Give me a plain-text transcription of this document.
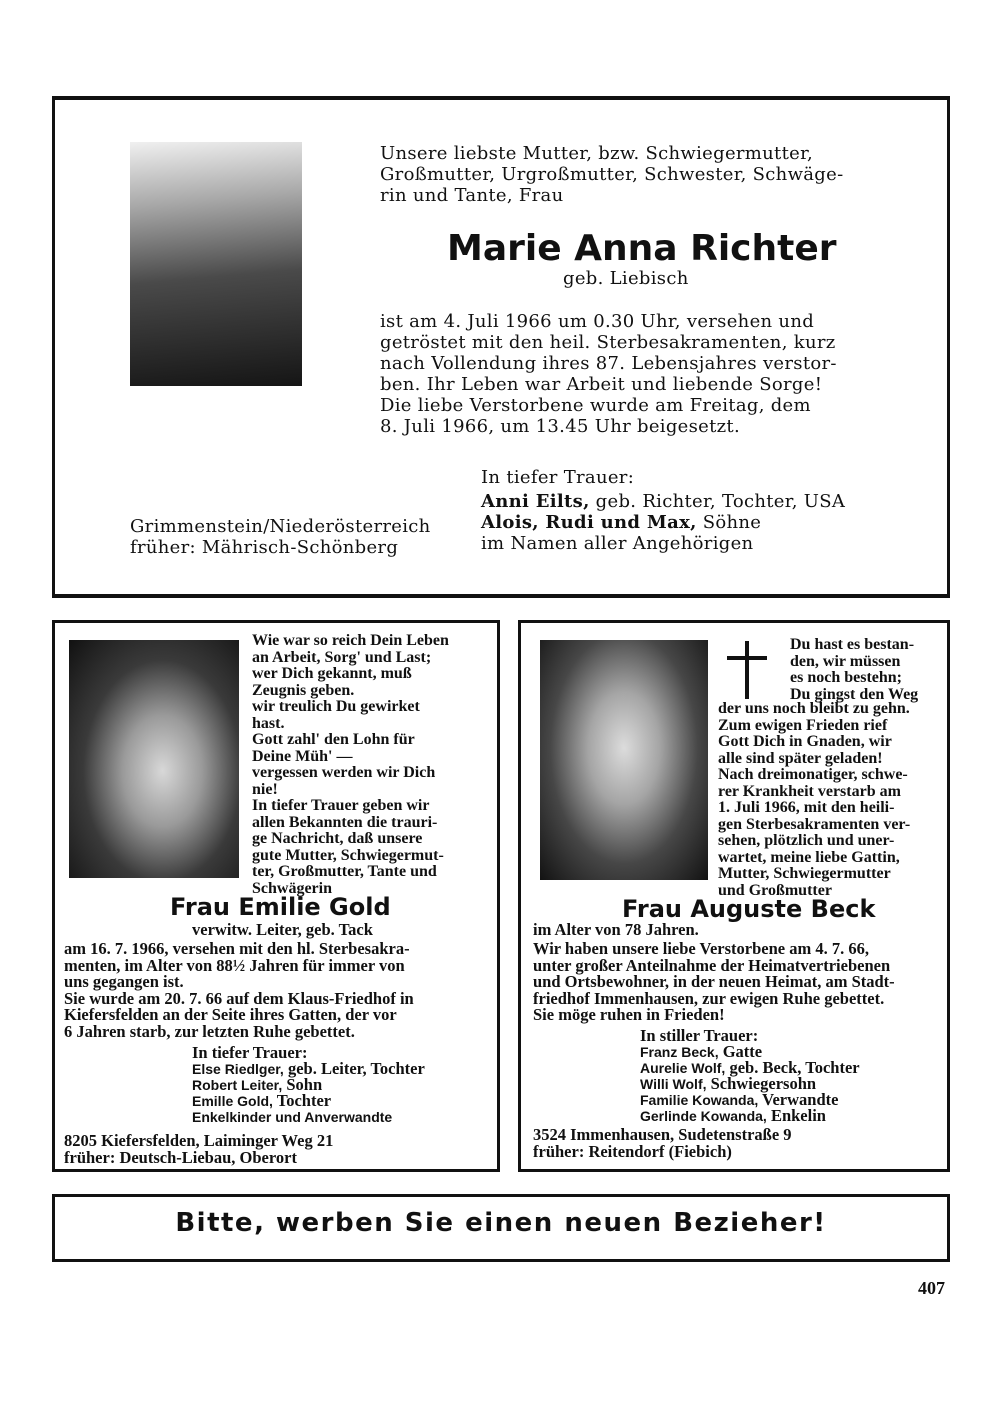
Unsere liebste Mutter, bzw. Schwiegermutter,
Großmutter, Urgroßmutter, Schwester, Schwäge-
rin und Tante, Frau
Marie Anna Richter
geb. Liebisch
ist am 4. Juli 1966 um 0.30 Uhr, versehen und
getröstet mit den heil. Sterbesakramenten, kurz
nach Vollendung ihres 87. Lebensjahres verstor-
ben. Ihr Leben war Arbeit und liebende Sorge!
Die liebe Verstorbene wurde am Freitag, dem
8. Juli 1966, um 13.45 Uhr beigesetzt.
In tiefer Trauer:
Anni Eilts, geb. Richter, Tochter, USA
Alois, Rudi und Max, Söhne
im Namen aller Angehörigen
Grimmenstein/Niederösterreich
früher: Mährisch-Schönberg
Wie war so reich Dein Leben
an Arbeit, Sorg' und Last;
wer Dich gekannt, muß
Zeugnis geben.
wir treulich Du gewirket
hast.
Gott zahl' den Lohn für
Deine Müh' —
vergessen werden wir Dich
nie!
In tiefer Trauer geben wir
allen Bekannten die trauri-
ge Nachricht, daß unsere
gute Mutter, Schwiegermut-
ter, Großmutter, Tante und
Schwägerin
Frau Emilie Gold
verwitw. Leiter, geb. Tack
am 16. 7. 1966, versehen mit den hl. Sterbesakra-
menten, im Alter von 88½ Jahren für immer von
uns gegangen ist.
Sie wurde am 20. 7. 66 auf dem Klaus-Friedhof in
Kiefersfelden an der Seite ihres Gatten, der vor
6 Jahren starb, zur letzten Ruhe gebettet.
In tiefer Trauer:
Else Riedlger, geb. Leiter, Tochter
Robert Leiter, Sohn
Emille Gold, Tochter
Enkelkinder und Anverwandte
8205 Kiefersfelden, Laiminger Weg 21
früher: Deutsch-Liebau, Oberort
Du hast es bestan-
den, wir müssen
es noch bestehn;
Du gingst den Weg
der uns noch bleibt zu gehn.
Zum ewigen Frieden rief
Gott Dich in Gnaden, wir
alle sind später geladen!
Nach dreimonatiger, schwe-
rer Krankheit verstarb am
1. Juli 1966, mit den heili-
gen Sterbesakramenten ver-
sehen, plötzlich und uner-
wartet, meine liebe Gattin,
Mutter, Schwiegermutter
und Großmutter
Frau Auguste Beck
im Alter von 78 Jahren.
Wir haben unsere liebe Verstorbene am 4. 7. 66,
unter großer Anteilnahme der Heimatvertriebenen
und Ortsbewohner, in der neuen Heimat, am Stadt-
friedhof Immenhausen, zur ewigen Ruhe gebettet.
Sie möge ruhen in Frieden!
In stiller Trauer:
Franz Beck, Gatte
Aurelie Wolf, geb. Beck, Tochter
Willi Wolf, Schwiegersohn
Familie Kowanda, Verwandte
Gerlinde Kowanda, Enkelin
3524 Immenhausen, Sudetenstraße 9
früher: Reitendorf (Fiebich)
Bitte, werben Sie einen neuen Bezieher!
407
